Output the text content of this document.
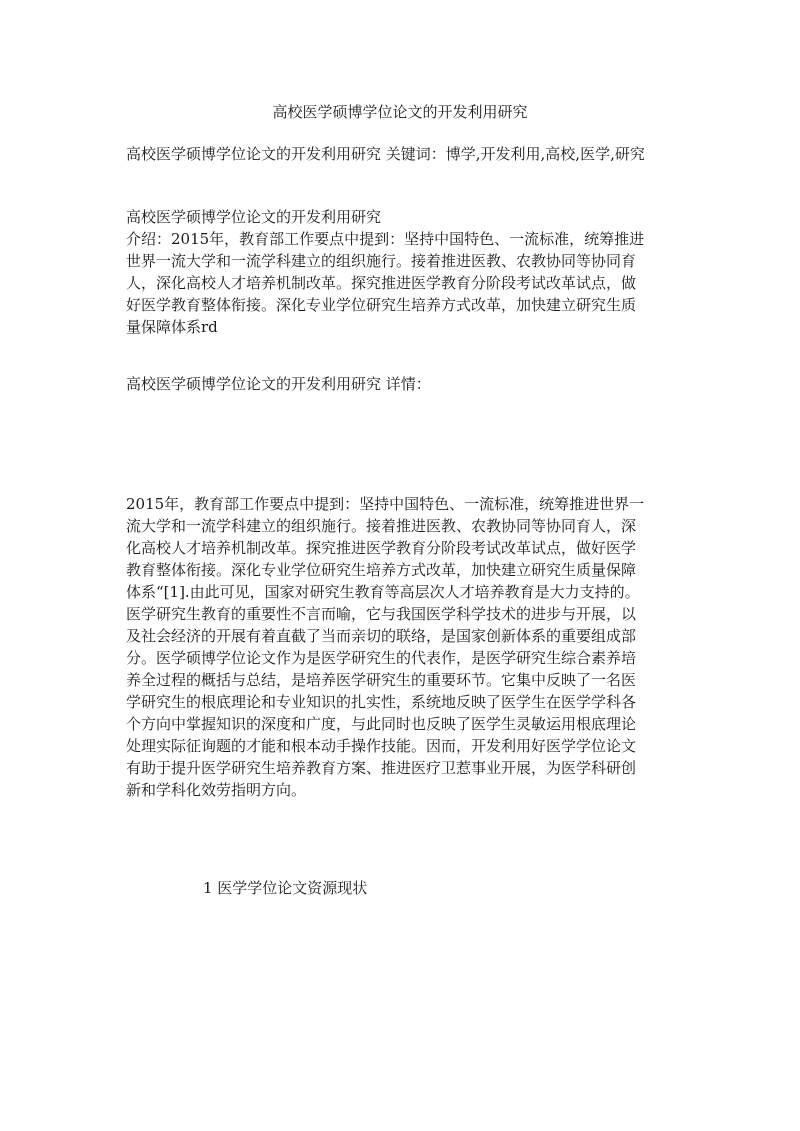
高校医学硕博学位论文的开发利用研究
高校医学硕博学位论文的开发利用研究 关键词：博学,开发利用,高校,医学,研究
高校医学硕博学位论文的开发利用研究
介绍：2015年，教育部工作要点中提到：坚持中国特色、一流标准，统筹推进
世界一流大学和一流学科建立的组织施行。接着推进医教、农教协同等协同育
人，深化高校人才培养机制改革。探究推进医学教育分阶段考试改革试点，做
好医学教育整体衔接。深化专业学位研究生培养方式改革，加快建立研究生质
量保障体系rd
高校医学硕博学位论文的开发利用研究 详情：
2015年，教育部工作要点中提到：坚持中国特色、一流标准，统筹推进世界一
流大学和一流学科建立的组织施行。接着推进医教、农教协同等协同育人，深
化高校人才培养机制改革。探究推进医学教育分阶段考试改革试点，做好医学
教育整体衔接。深化专业学位研究生培养方式改革，加快建立研究生质量保障
体系“[1].由此可见，国家对研究生教育等高层次人才培养教育是大力支持的。
医学研究生教育的重要性不言而喻，它与我国医学科学技术的进步与开展，以
及社会经济的开展有着直截了当而亲切的联络，是国家创新体系的重要组成部
分。医学硕博学位论文作为是医学研究生的代表作，是医学研究生综合素养培
养全过程的概括与总结，是培养医学研究生的重要环节。它集中反映了一名医
学研究生的根底理论和专业知识的扎实性，系统地反映了医学生在医学学科各
个方向中掌握知识的深度和广度，与此同时也反映了医学生灵敏运用根底理论
处理实际征询题的才能和根本动手操作技能。因而，开发利用好医学学位论文
有助于提升医学研究生培养教育方案、推进医疗卫惹事业开展，为医学科研创
新和学科化效劳指明方向。
1 医学学位论文资源现状
